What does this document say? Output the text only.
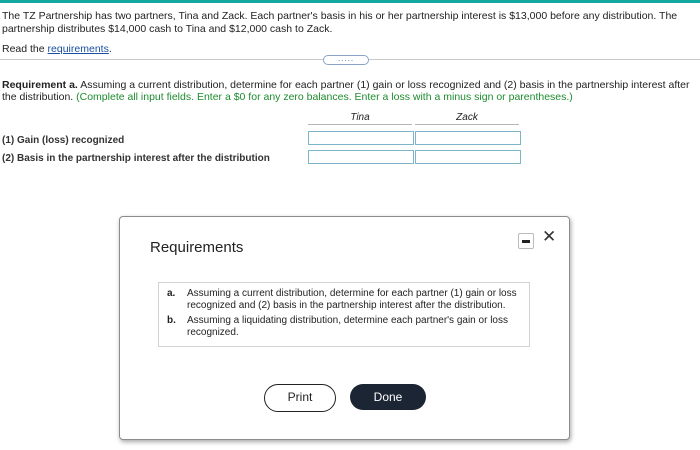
The TZ Partnership has two partners, Tina and Zack. Each partner's basis in his or her partnership interest is $13,000 before any distribution. The partnership distributes $14,000 cash to Tina and $12,000 cash to Zack.
Read the requirements.
.....
Requirement a. Assuming a current distribution, determine for each partner (1) gain or loss recognized and (2) basis in the partnership interest after the distribution. (Complete all input fields. Enter a $0 for any zero balances. Enter a loss with a minus sign or parentheses.)
Tina	Zack
(1) Gain (loss) recognized
(2) Basis in the partnership interest after the distribution
Requirements
✕
a.	Assuming a current distribution, determine for each partner (1) gain or loss recognized and (2) basis in the partnership interest after the distribution.
b.	Assuming a liquidating distribution, determine each partner's gain or loss recognized.
Print	Done
